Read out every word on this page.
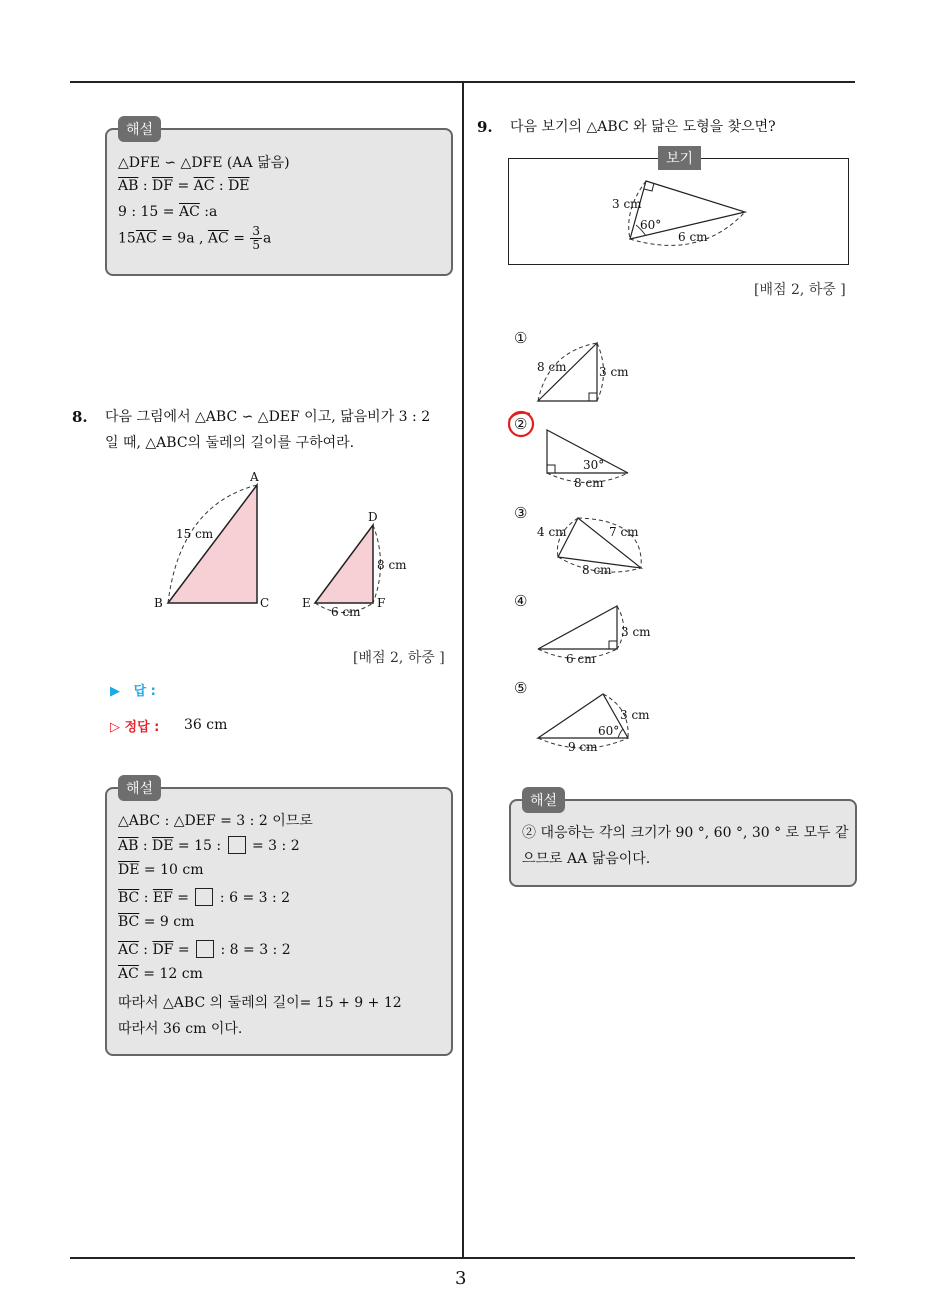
3
△DFE ∽ △DFE (AA 닮음)
$\overline{AB}$ : $\overline{DF} = \overline{AC}$ : $\overline{DE}$
9 : $15 = \overline{AC}$ :a
$15\overline{AC} = 9a$ , $\overline{AC} = \frac{3}{5}$ a
해설
8. 다음 그림에서 △ABC ∽ △DEF 이고, 닮음비가 3 : 2
일 때, △ABC의 둘레의 길이를 구하여라.
A
B	C
15 cm
D
E	F
8 cm
6 cm
[배점 2, 하중 ]
▶ 답 :
▷ 정답 : 36 cm
△ABC : △DEF = 3 : 2 이므로
$\overline{AB}$ : $\overline{DE} = 15$ :  = 3 : 2
$\overline{DE} = 10$ cm
$\overline{BC}$ : $\overline{EF}$ =  : 6 = 3 : 2
$\overline{BC} = 9$ cm
$\overline{AC}$ : $\overline{DF}$ =  : 8 = 3 : 2
$\overline{AC} = 12$ cm
따라서 △ABC 의 둘레의 길이= 15 + 9 + 12
따라서 36 cm 이다.
해설
9. 다음 보기의 △ABC 와 닮은 도형을 찾으면?
보기
3 cm
60°
6 cm
[배점 2, 하중 ]
①
②
③
④
⑤
8 cm	3 cm
30°
8 cm
4 cm	7 cm
8 cm
3 cm
6 cm
3 cm
60°
9 cm
② 대응하는 각의 크기가 90 °, 60 °, 30 ° 로 모두 같
으므로 AA 닮음이다.
해설
